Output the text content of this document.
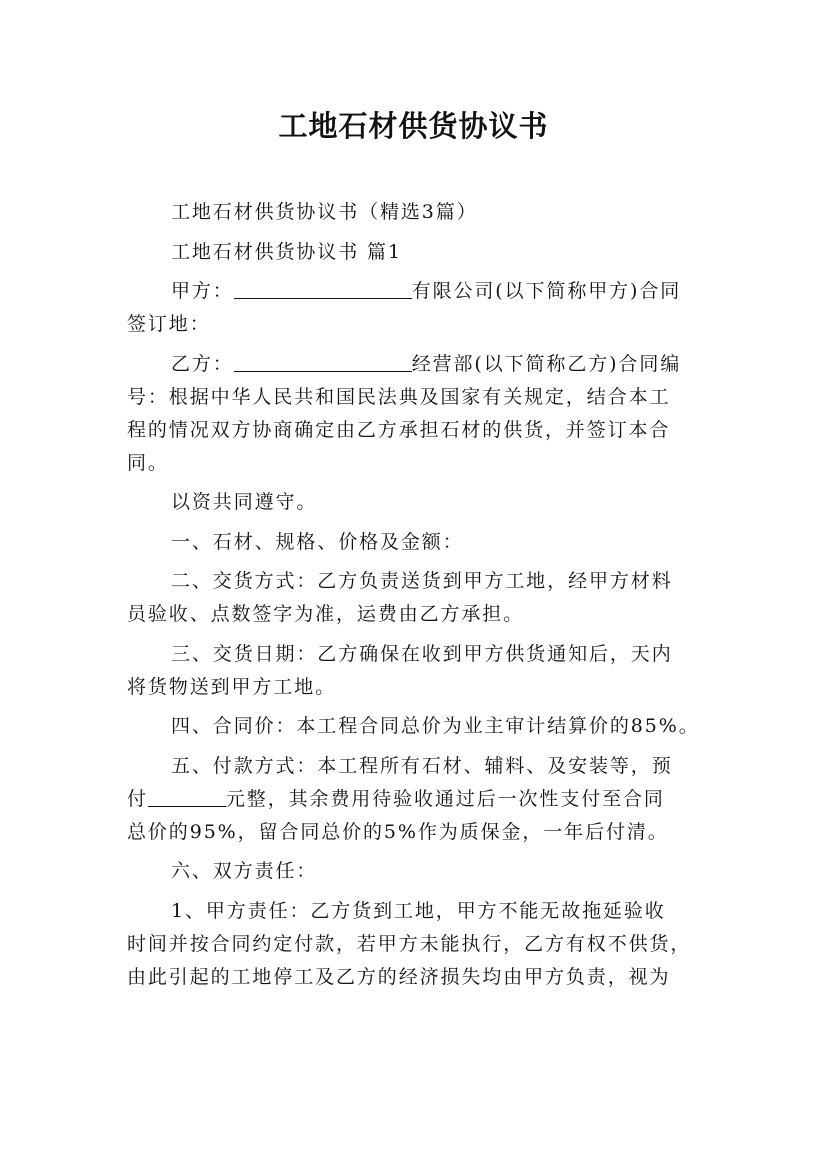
工地石材供货协议书

工地石材供货协议书（精选3篇）

工地石材供货协议书 篇1

甲方：	有限公司(以下简称甲方)合同
签订地：

乙方：	经营部(以下简称乙方)合同编
号：根据中华人民共和国民法典及国家有关规定，结合本工
程的情况双方协商确定由乙方承担石材的供货，并签订本合
同。

以资共同遵守。

一、石材、规格、价格及金额：

二、交货方式：乙方负责送货到甲方工地，经甲方材料
员验收、点数签字为准，运费由乙方承担。

三、交货日期：乙方确保在收到甲方供货通知后，天内
将货物送到甲方工地。

四、合同价：本工程合同总价为业主审计结算价的85%。

五、付款方式：本工程所有石材、辅料、及安装等，预
付	元整，其余费用待验收通过后一次性支付至合同
总价的95%，留合同总价的5%作为质保金，一年后付清。

六、双方责任：

1、甲方责任：乙方货到工地，甲方不能无故拖延验收
时间并按合同约定付款，若甲方未能执行，乙方有权不供货，
由此引起的工地停工及乙方的经济损失均由甲方负责，视为
